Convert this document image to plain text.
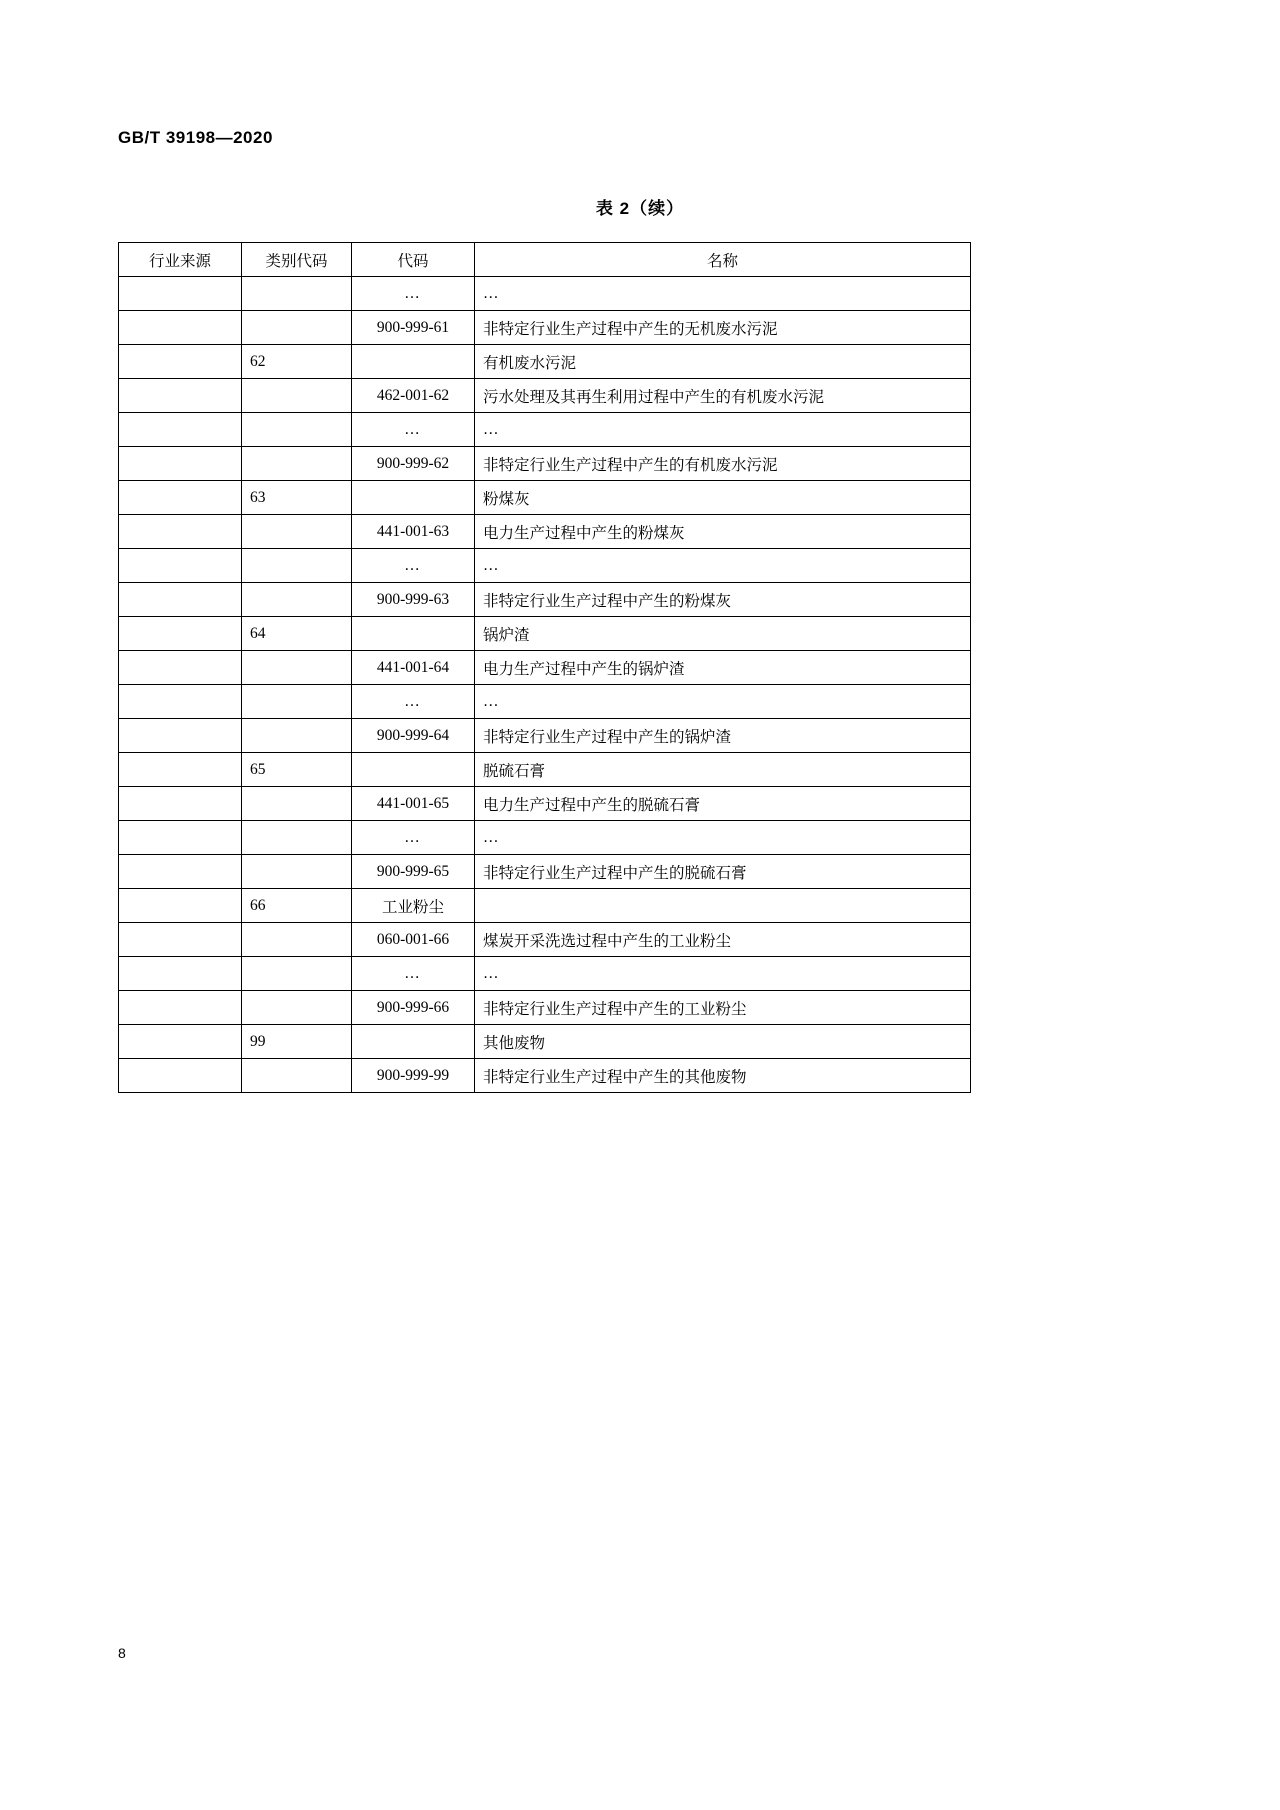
GB/T 39198—2020
表 2（续）
行业来源	类别代码	代码	名称
		…	…
		900-999-61	非特定行业生产过程中产生的无机废水污泥
	62		有机废水污泥
		462-001-62	污水处理及其再生利用过程中产生的有机废水污泥
		…	…
		900-999-62	非特定行业生产过程中产生的有机废水污泥
	63		粉煤灰
		441-001-63	电力生产过程中产生的粉煤灰
		…	…
		900-999-63	非特定行业生产过程中产生的粉煤灰
	64		锅炉渣
		441-001-64	电力生产过程中产生的锅炉渣
		…	…
		900-999-64	非特定行业生产过程中产生的锅炉渣
	65		脱硫石膏
		441-001-65	电力生产过程中产生的脱硫石膏
		…	…
		900-999-65	非特定行业生产过程中产生的脱硫石膏
	66	工业粉尘	
		060-001-66	煤炭开采洗选过程中产生的工业粉尘
		…	…
		900-999-66	非特定行业生产过程中产生的工业粉尘
	99		其他废物
		900-999-99	非特定行业生产过程中产生的其他废物
8
